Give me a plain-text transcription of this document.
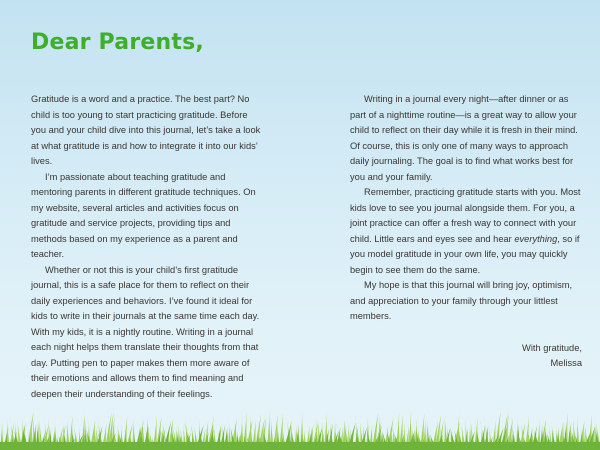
Dear Parents,

Gratitude is a word and a practice. The best part? No child is too young to start practicing gratitude. Before you and your child dive into this journal, let’s take a look at what gratitude is and how to integrate it into our kids’ lives.

I’m passionate about teaching gratitude and mentoring parents in different gratitude techniques. On my website, several articles and activities focus on gratitude and service projects, providing tips and methods based on my experience as a parent and teacher.

Whether or not this is your child’s first gratitude journal, this is a safe place for them to reflect on their daily experiences and behaviors. I’ve found it ideal for kids to write in their journals at the same time each day. With my kids, it is a nightly routine. Writing in a journal each night helps them translate their thoughts from that day. Putting pen to paper makes them more aware of their emotions and allows them to find meaning and deepen their understanding of their feelings.

Writing in a journal every night—after dinner or as part of a nighttime routine—is a great way to allow your child to reflect on their day while it is fresh in their mind. Of course, this is only one of many ways to approach daily journaling. The goal is to find what works best for you and your family.

Remember, practicing gratitude starts with you. Most kids love to see you journal alongside them. For you, a joint practice can offer a fresh way to connect with your child. Little ears and eyes see and hear everything, so if you model gratitude in your own life, you may quickly begin to see them do the same.

My hope is that this journal will bring joy, optimism, and appreciation to your family through your littlest members.

With gratitude,
Melissa
